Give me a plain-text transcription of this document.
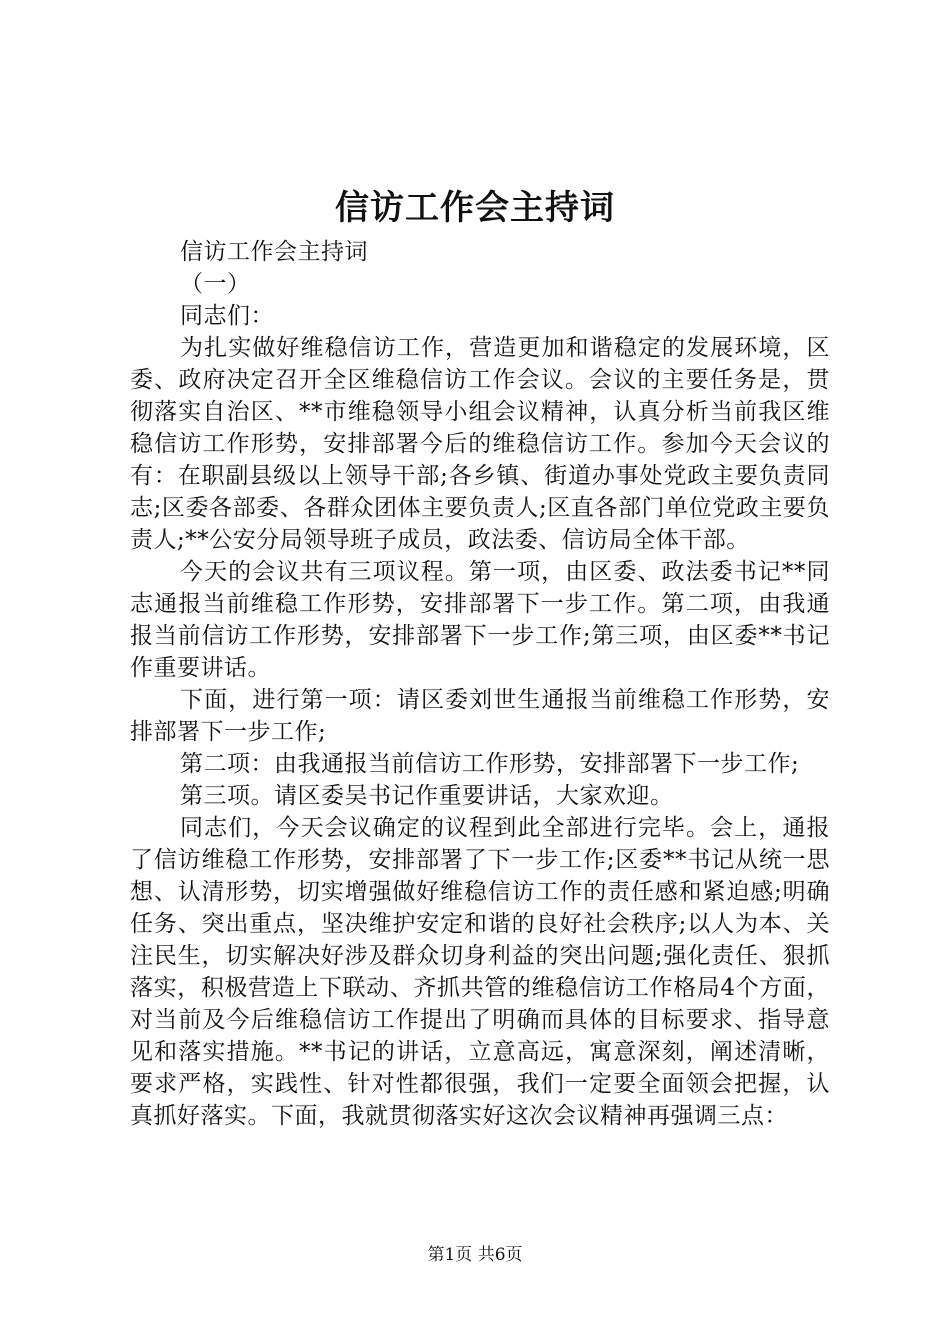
信访工作会主持词

信访工作会主持词

（一）

同志们：

为扎实做好维稳信访工作，营造更加和谐稳定的发展环境，区委、政府决定召开全区维稳信访工作会议。会议的主要任务是，贯彻落实自治区、**市维稳领导小组会议精神，认真分析当前我区维稳信访工作形势，安排部署今后的维稳信访工作。参加今天会议的有：在职副县级以上领导干部;各乡镇、街道办事处党政主要负责同志;区委各部委、各群众团体主要负责人;区直各部门单位党政主要负责人;**公安分局领导班子成员，政法委、信访局全体干部。

今天的会议共有三项议程。第一项，由区委、政法委书记**同志通报当前维稳工作形势，安排部署下一步工作。第二项，由我通报当前信访工作形势，安排部署下一步工作;第三项，由区委**书记作重要讲话。

下面，进行第一项：请区委刘世生通报当前维稳工作形势，安排部署下一步工作;

第二项：由我通报当前信访工作形势，安排部署下一步工作;

第三项。请区委吴书记作重要讲话，大家欢迎。

同志们，今天会议确定的议程到此全部进行完毕。会上，通报了信访维稳工作形势，安排部署了下一步工作;区委**书记从统一思想、认清形势，切实增强做好维稳信访工作的责任感和紧迫感;明确任务、突出重点，坚决维护安定和谐的良好社会秩序;以人为本、关注民生，切实解决好涉及群众切身利益的突出问题;强化责任、狠抓落实，积极营造上下联动、齐抓共管的维稳信访工作格局4个方面，对当前及今后维稳信访工作提出了明确而具体的目标要求、指导意见和落实措施。**书记的讲话，立意高远，寓意深刻，阐述清晰，要求严格，实践性、针对性都很强，我们一定要全面领会把握，认真抓好落实。下面，我就贯彻落实好这次会议精神再强调三点：

第1页 共6页
